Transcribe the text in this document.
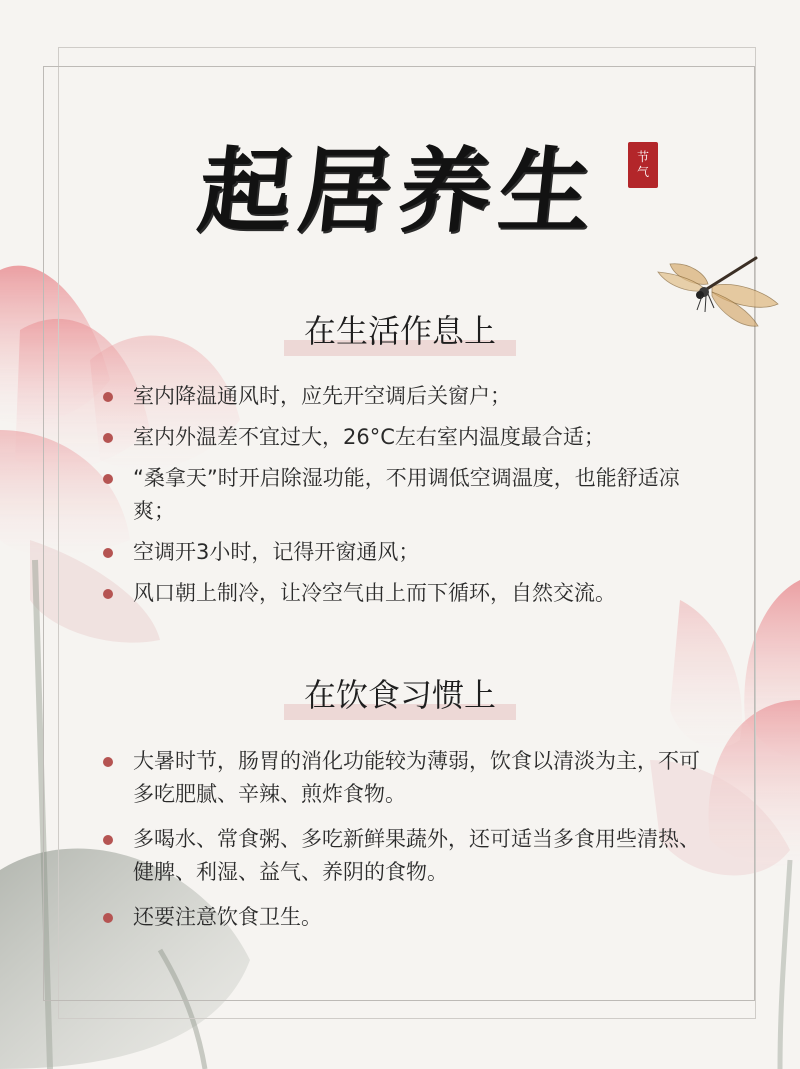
起居养生	节
气
在生活作息上
室内降温通风时，应先开空调后关窗户；
室内外温差不宜过大，26°C左右室内温度最合适；
“桑拿天”时开启除湿功能，不用调低空调温度，也能舒适凉爽；
空调开3小时，记得开窗通风；
风口朝上制冷，让冷空气由上而下循环，自然交流。
在饮食习惯上
大暑时节，肠胃的消化功能较为薄弱，饮食以清淡为主，不可多吃肥腻、辛辣、煎炸食物。
多喝水、常食粥、多吃新鲜果蔬外，还可适当多食用些清热、健脾、利湿、益气、养阴的食物。
还要注意饮食卫生。
